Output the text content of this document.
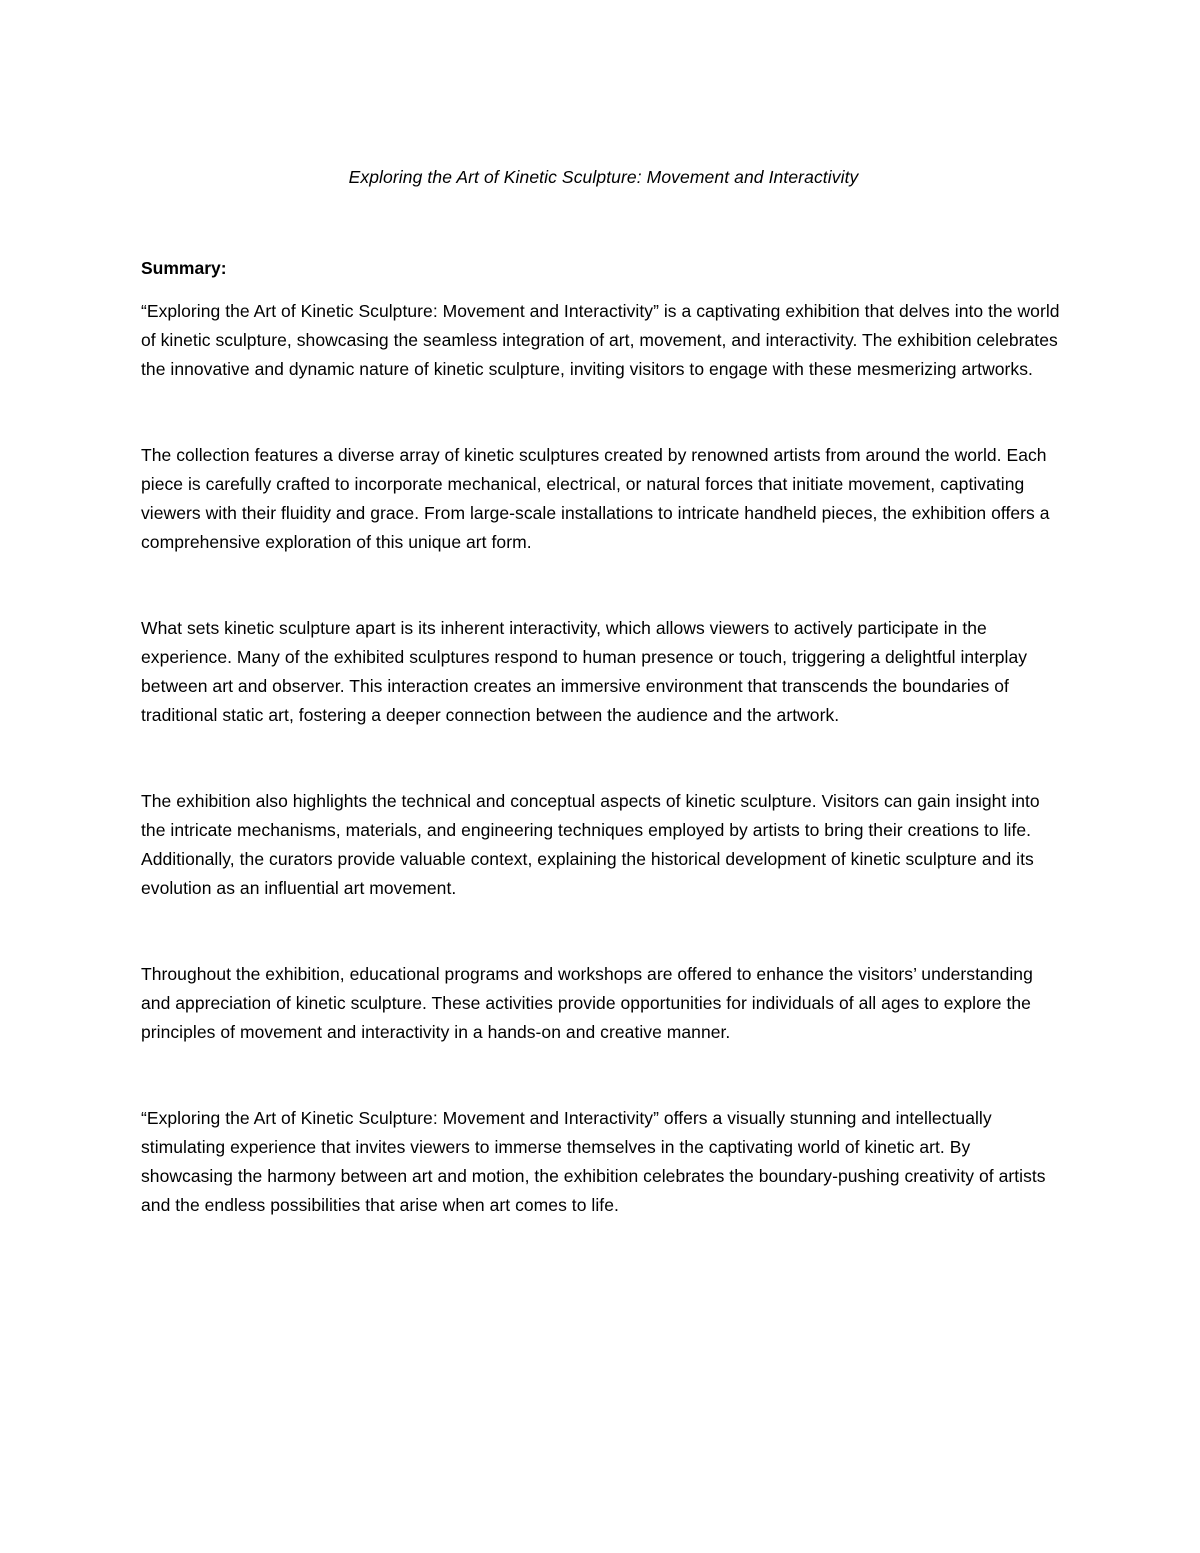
Exploring the Art of Kinetic Sculpture: Movement and Interactivity

Summary:

“Exploring the Art of Kinetic Sculpture: Movement and Interactivity” is a captivating exhibition that delves into the world of kinetic sculpture, showcasing the seamless integration of art, movement, and interactivity. The exhibition celebrates the innovative and dynamic nature of kinetic sculpture, inviting visitors to engage with these mesmerizing artworks.

The collection features a diverse array of kinetic sculptures created by renowned artists from around the world. Each piece is carefully crafted to incorporate mechanical, electrical, or natural forces that initiate movement, captivating viewers with their fluidity and grace. From large-scale installations to intricate handheld pieces, the exhibition offers a comprehensive exploration of this unique art form.

What sets kinetic sculpture apart is its inherent interactivity, which allows viewers to actively participate in the experience. Many of the exhibited sculptures respond to human presence or touch, triggering a delightful interplay between art and observer. This interaction creates an immersive environment that transcends the boundaries of traditional static art, fostering a deeper connection between the audience and the artwork.

The exhibition also highlights the technical and conceptual aspects of kinetic sculpture. Visitors can gain insight into the intricate mechanisms, materials, and engineering techniques employed by artists to bring their creations to life. Additionally, the curators provide valuable context, explaining the historical development of kinetic sculpture and its evolution as an influential art movement.

Throughout the exhibition, educational programs and workshops are offered to enhance the visitors’ understanding and appreciation of kinetic sculpture. These activities provide opportunities for individuals of all ages to explore the principles of movement and interactivity in a hands-on and creative manner.

“Exploring the Art of Kinetic Sculpture: Movement and Interactivity” offers a visually stunning and intellectually stimulating experience that invites viewers to immerse themselves in the captivating world of kinetic art. By showcasing the harmony between art and motion, the exhibition celebrates the boundary-pushing creativity of artists and the endless possibilities that arise when art comes to life.
